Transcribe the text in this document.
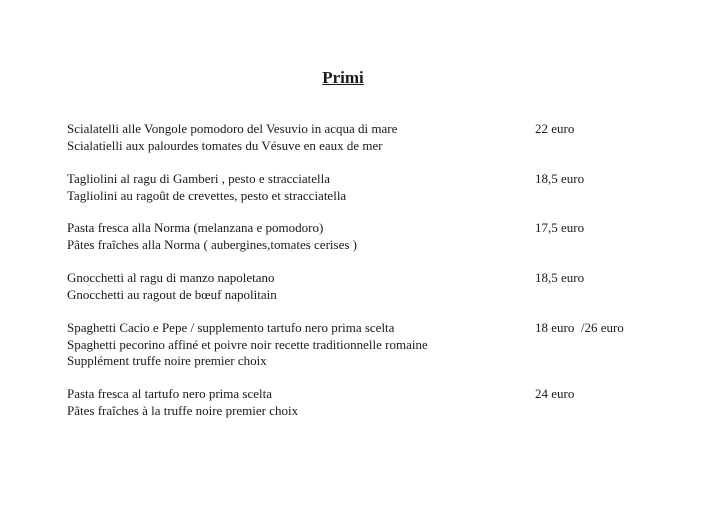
Primi
Scialatelli alle Vongole pomodoro del Vesuvio in acqua di mare
Scialatielli aux palourdes tomates du Vésuve en eaux de mer
22 euro
Tagliolini al ragu di Gamberi , pesto e stracciatella
Tagliolini au ragoût de crevettes, pesto et stracciatella
18,5 euro
Pasta fresca alla Norma (melanzana e pomodoro)
Pâtes fraîches alla Norma ( aubergines,tomates cerises )
17,5 euro
Gnocchetti al ragu di manzo napoletano
Gnocchetti au ragout de bœuf napolitain
18,5 euro
Spaghetti Cacio e Pepe / supplemento tartufo nero prima scelta
Spaghetti pecorino affiné et poivre noir recette traditionnelle romaine
Supplément truffe noire premier choix
18 euro  /26 euro
Pasta fresca al tartufo nero prima scelta
Pâtes fraîches à la truffe noire premier choix
24 euro
